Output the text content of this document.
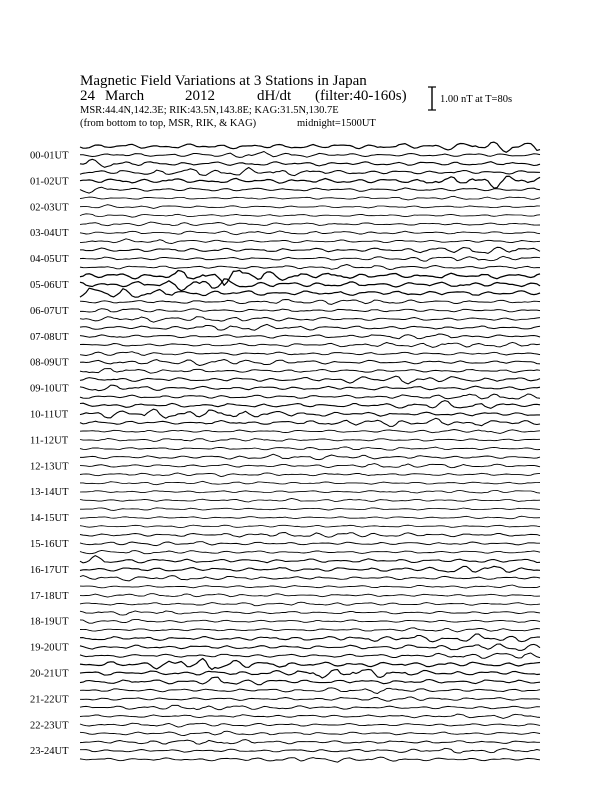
Magnetic Field Variations at 3 Stations in Japan
24 March	2012	dH/dt (filter:40-160s)
MSR:44.4N,142.3E; RIK:43.5N,143.8E; KAG:31.5N,130.7E
(from bottom to top, MSR, RIK, & KAG)	midnight=1500UT
1.00 nT at T=80s
00-01UT
01-02UT
02-03UT
03-04UT
04-05UT
05-06UT
06-07UT
07-08UT
08-09UT
09-10UT
10-11UT
11-12UT
12-13UT
13-14UT
14-15UT
15-16UT
16-17UT
17-18UT
18-19UT
19-20UT
20-21UT
21-22UT
22-23UT
23-24UT
